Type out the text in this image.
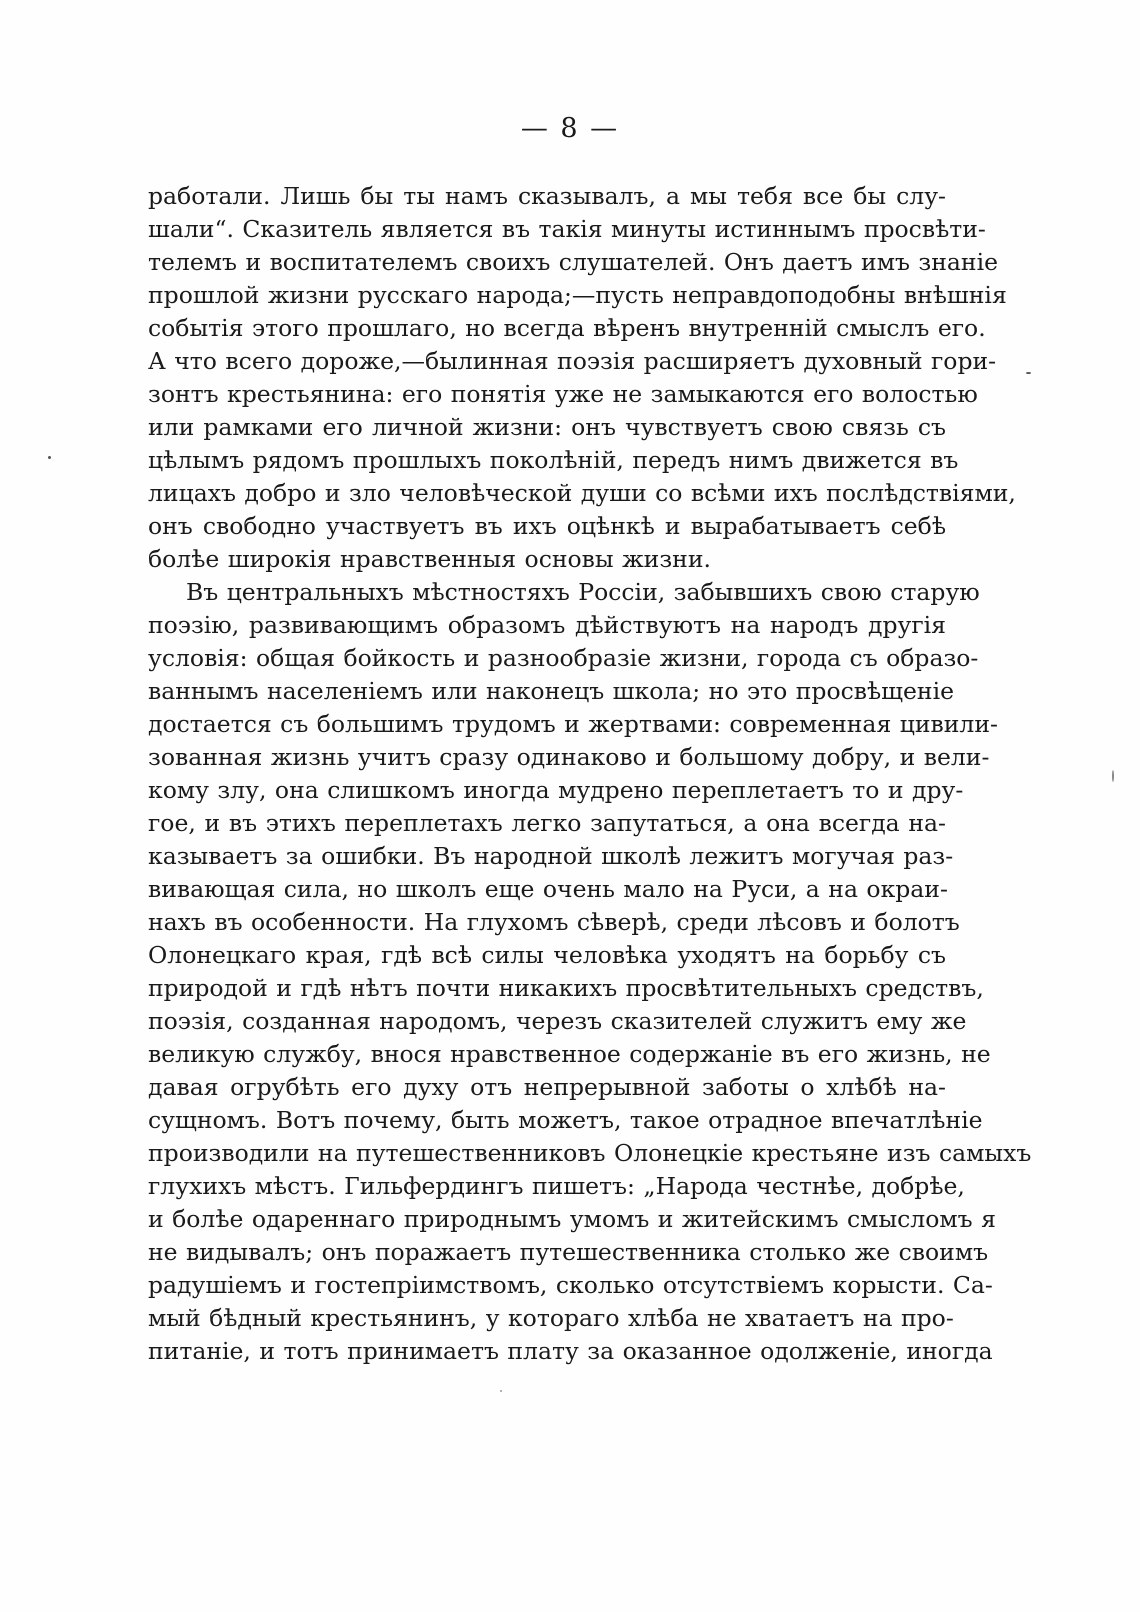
— 8 —
работали. Лишь бы ты намъ сказывалъ, а мы тебя все бы слу-
шали“. Сказитель является въ такія минуты истиннымъ просвѣти-
телемъ и воспитателемъ своихъ слушателей. Онъ даетъ имъ знаніе
прошлой жизни русскаго народа;—пусть неправдоподобны внѣшнія
событія этого прошлаго, но всегда вѣренъ внутренній смыслъ его.
А что всего дороже,—былинная поэзія расширяетъ духовный гори-
зонтъ крестьянина: его понятія уже не замыкаются его волостью
или рамками его личной жизни: онъ чувствуетъ свою связь съ
цѣлымъ рядомъ прошлыхъ поколѣній, передъ нимъ движется въ
лицахъ добро и зло человѣческой души со всѣми ихъ послѣдствіями,
онъ свободно участвуетъ въ ихъ оцѣнкѣ и вырабатываетъ себѣ
болѣе широкія нравственныя основы жизни.
Въ центральныхъ мѣстностяхъ Россіи, забывшихъ свою старую
поэзію, развивающимъ образомъ дѣйствуютъ на народъ другія
условія: общая бойкость и разнообразіе жизни, города съ образо-
ваннымъ населеніемъ или наконецъ школа; но это просвѣщеніе
достается съ большимъ трудомъ и жертвами: современная цивили-
зованная жизнь учитъ сразу одинаково и большому добру, и вели-
кому злу, она слишкомъ иногда мудрено переплетаетъ то и дру-
гое, и въ этихъ переплетахъ легко запутаться, а она всегда на-
казываетъ за ошибки. Въ народной школѣ лежитъ могучая раз-
вивающая сила, но школъ еще очень мало на Руси, а на окраи-
нахъ въ особенности. На глухомъ сѣверѣ, среди лѣсовъ и болотъ
Олонецкаго края, гдѣ всѣ силы человѣка уходятъ на борьбу съ
природой и гдѣ нѣтъ почти никакихъ просвѣтительныхъ средствъ,
поэзія, созданная народомъ, черезъ сказителей служитъ ему же
великую службу, внося нравственное содержаніе въ его жизнь, не
давая огрубѣть его духу отъ непрерывной заботы о хлѣбѣ на-
сущномъ. Вотъ почему, быть можетъ, такое отрадное впечатлѣніе
производили на путешественниковъ Олонецкіе крестьяне изъ самыхъ
глухихъ мѣстъ. Гильфердингъ пишетъ: „Народа честнѣе, добрѣе,
и болѣе одареннаго природнымъ умомъ и житейскимъ смысломъ я
не видывалъ; онъ поражаетъ путешественника столько же своимъ
радушіемъ и гостепріимствомъ, сколько отсутствіемъ корысти. Са-
мый бѣдный крестьянинъ, у котораго хлѣба не хватаетъ на про-
питаніе, и тотъ принимаетъ плату за оказанное одолженіе, иногда
